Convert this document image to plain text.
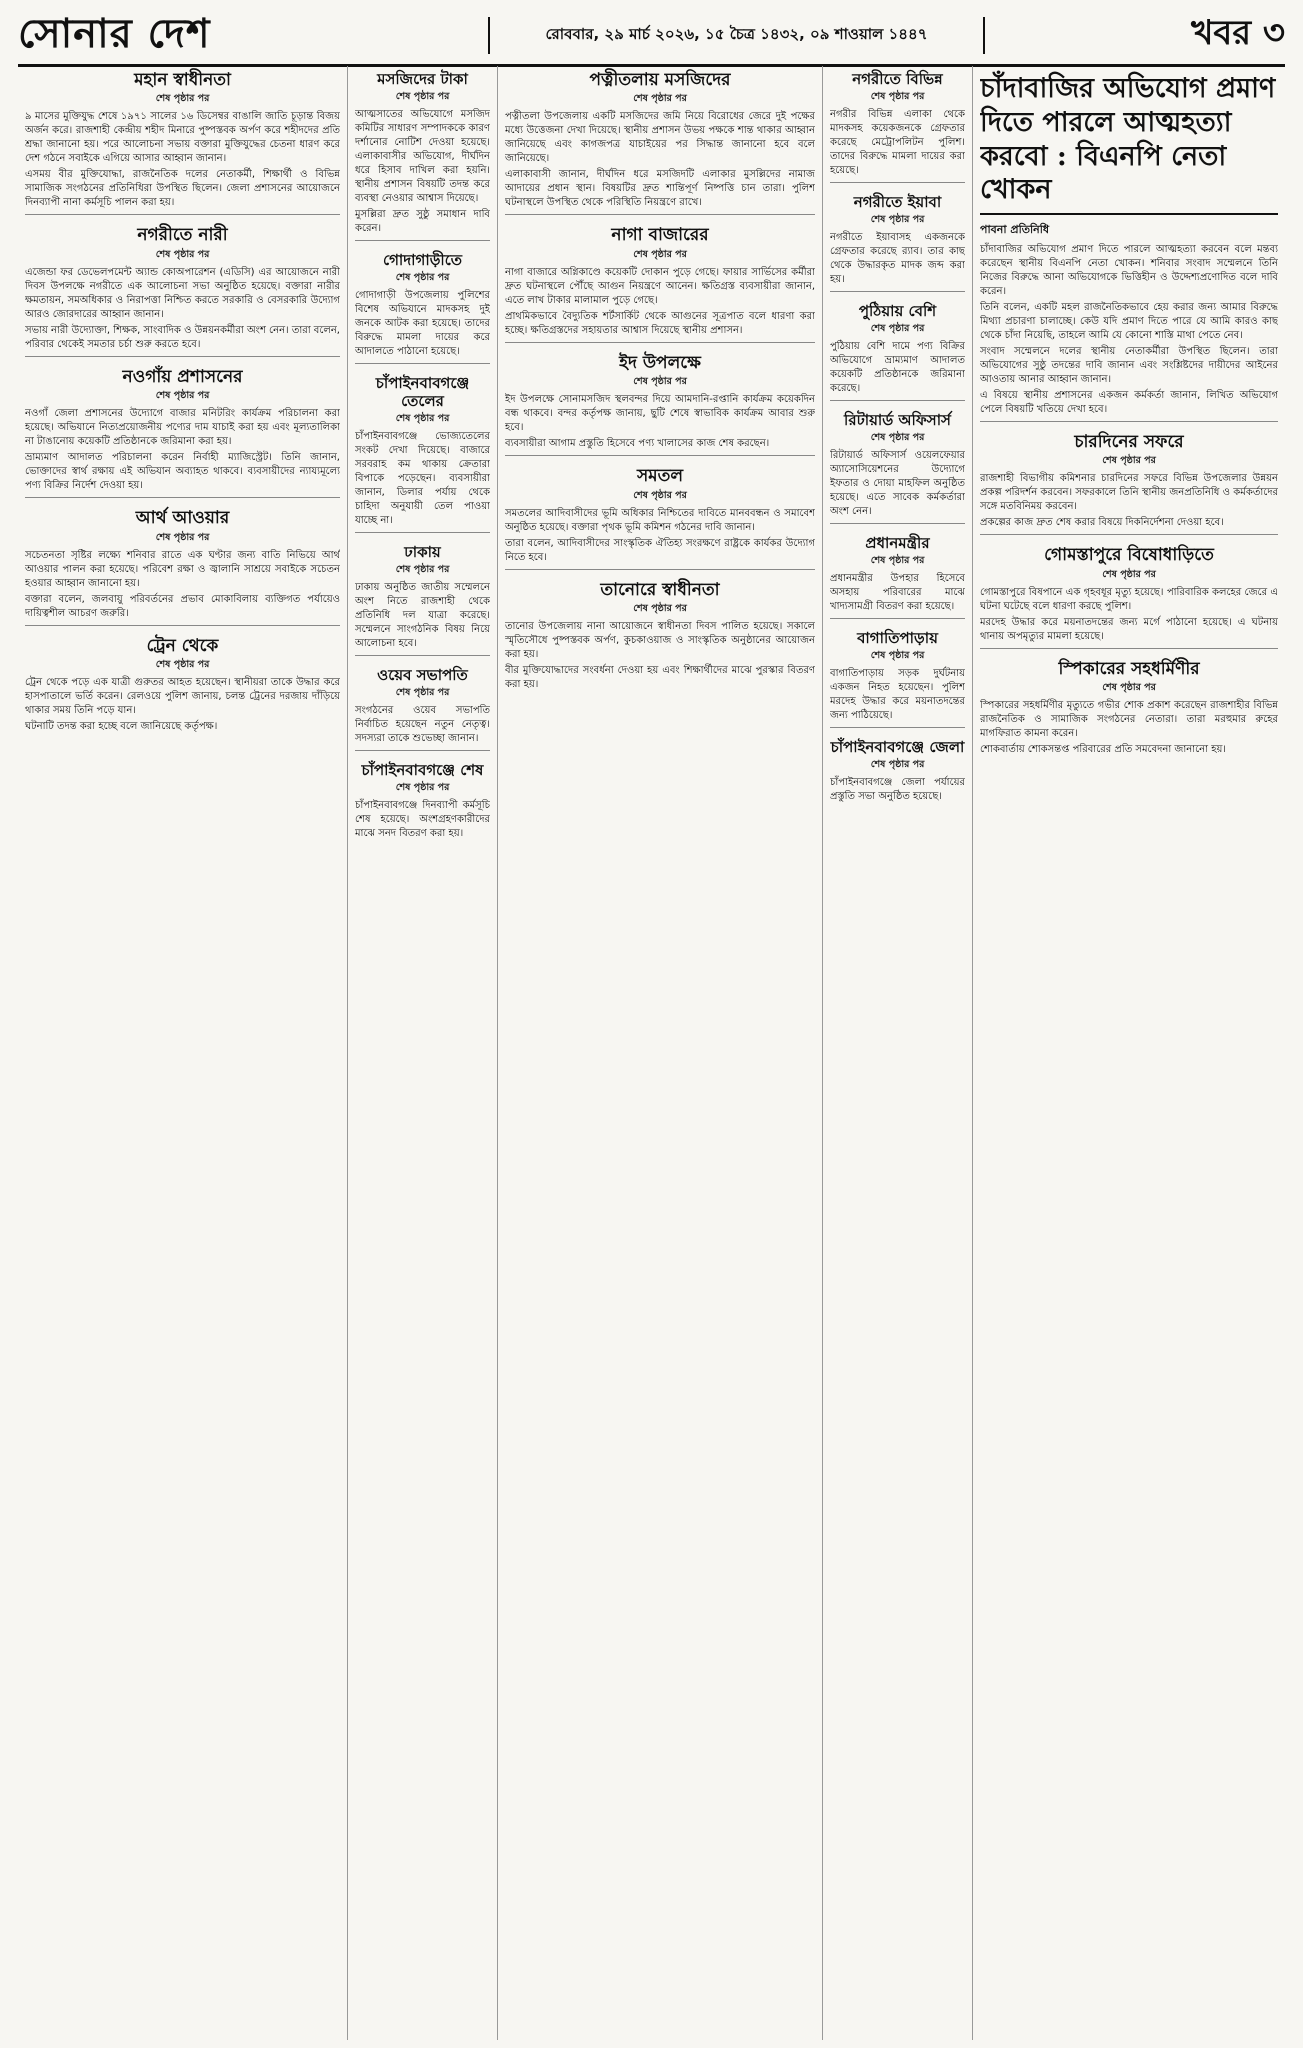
সোনার দেশ	রোববার, ২৯ মার্চ ২০২৬, ১৫ চৈত্র ১৪৩২, ০৯ শাওয়াল ১৪৪৭	খবর ৩
মহান স্বাধীনতা
শেষ পৃষ্ঠার পর

৯ মাসের মুক্তিযুদ্ধ শেষে ১৯৭১ সালের ১৬ ডিসেম্বর বাঙালি জাতি চূড়ান্ত বিজয় অর্জন করে। রাজশাহী কেন্দ্রীয় শহীদ মিনারে পুষ্পস্তবক অর্পণ করে শহীদদের প্রতি শ্রদ্ধা জানানো হয়। পরে আলোচনা সভায় বক্তারা মুক্তিযুদ্ধের চেতনা ধারণ করে দেশ গঠনে সবাইকে এগিয়ে আসার আহ্বান জানান।

এসময় বীর মুক্তিযোদ্ধা, রাজনৈতিক দলের নেতাকর্মী, শিক্ষার্থী ও বিভিন্ন সামাজিক সংগঠনের প্রতিনিধিরা উপস্থিত ছিলেন। জেলা প্রশাসনের আয়োজনে দিনব্যাপী নানা কর্মসূচি পালন করা হয়।

নগরীতে নারী
শেষ পৃষ্ঠার পর

এজেন্ডা ফর ডেভেলপমেন্ট অ্যান্ড কোঅপারেশন (এডিসি) এর আয়োজনে নারী দিবস উপলক্ষে নগরীতে এক আলোচনা সভা অনুষ্ঠিত হয়েছে। বক্তারা নারীর ক্ষমতায়ন, সমঅধিকার ও নিরাপত্তা নিশ্চিত করতে সরকারি ও বেসরকারি উদ্যোগ আরও জোরদারের আহ্বান জানান।

সভায় নারী উদ্যোক্তা, শিক্ষক, সাংবাদিক ও উন্নয়নকর্মীরা অংশ নেন। তারা বলেন, পরিবার থেকেই সমতার চর্চা শুরু করতে হবে।

নওগাঁয় প্রশাসনের
শেষ পৃষ্ঠার পর

নওগাঁ জেলা প্রশাসনের উদ্যোগে বাজার মনিটরিং কার্যক্রম পরিচালনা করা হয়েছে। অভিযানে নিত্যপ্রয়োজনীয় পণ্যের দাম যাচাই করা হয় এবং মূল্যতালিকা না টাঙানোয় কয়েকটি প্রতিষ্ঠানকে জরিমানা করা হয়।

ভ্রাম্যমাণ আদালত পরিচালনা করেন নির্বাহী ম্যাজিস্ট্রেট। তিনি জানান, ভোক্তাদের স্বার্থ রক্ষায় এই অভিযান অব্যাহত থাকবে। ব্যবসায়ীদের ন্যায্যমূল্যে পণ্য বিক্রির নির্দেশ দেওয়া হয়।

আর্থ আওয়ার
শেষ পৃষ্ঠার পর

সচেতনতা সৃষ্টির লক্ষ্যে শনিবার রাতে এক ঘণ্টার জন্য বাতি নিভিয়ে আর্থ আওয়ার পালন করা হয়েছে। পরিবেশ রক্ষা ও জ্বালানি সাশ্রয়ে সবাইকে সচেতন হওয়ার আহ্বান জানানো হয়।

বক্তারা বলেন, জলবায়ু পরিবর্তনের প্রভাব মোকাবিলায় ব্যক্তিগত পর্যায়েও দায়িত্বশীল আচরণ জরুরি।

ট্রেন থেকে
শেষ পৃষ্ঠার পর

ট্রেন থেকে পড়ে এক যাত্রী গুরুতর আহত হয়েছেন। স্থানীয়রা তাকে উদ্ধার করে হাসপাতালে ভর্তি করেন। রেলওয়ে পুলিশ জানায়, চলন্ত ট্রেনের দরজায় দাঁড়িয়ে থাকার সময় তিনি পড়ে যান।

ঘটনাটি তদন্ত করা হচ্ছে বলে জানিয়েছে কর্তৃপক্ষ।

মসজিদের টাকা
শেষ পৃষ্ঠার পর

আত্মসাতের অভিযোগে মসজিদ কমিটির সাধারণ সম্পাদককে কারণ দর্শানোর নোটিশ দেওয়া হয়েছে। এলাকাবাসীর অভিযোগ, দীর্ঘদিন ধরে হিসাব দাখিল করা হয়নি। স্থানীয় প্রশাসন বিষয়টি তদন্ত করে ব্যবস্থা নেওয়ার আশ্বাস দিয়েছে।

মুসল্লিরা দ্রুত সুষ্ঠু সমাধান দাবি করেন।

গোদাগাড়ীতে
শেষ পৃষ্ঠার পর

গোদাগাড়ী উপজেলায় পুলিশের বিশেষ অভিযানে মাদকসহ দুই জনকে আটক করা হয়েছে। তাদের বিরুদ্ধে মামলা দায়ের করে আদালতে পাঠানো হয়েছে।

চাঁপাইনবাবগঞ্জে তেলের
শেষ পৃষ্ঠার পর

চাঁপাইনবাবগঞ্জে ভোজ্যতেলের সংকট দেখা দিয়েছে। বাজারে সরবরাহ কম থাকায় ক্রেতারা বিপাকে পড়েছেন। ব্যবসায়ীরা জানান, ডিলার পর্যায় থেকে চাহিদা অনুযায়ী তেল পাওয়া যাচ্ছে না।

ঢাকায়
শেষ পৃষ্ঠার পর

ঢাকায় অনুষ্ঠিত জাতীয় সম্মেলনে অংশ নিতে রাজশাহী থেকে প্রতিনিধি দল যাত্রা করেছে। সম্মেলনে সাংগঠনিক বিষয় নিয়ে আলোচনা হবে।

ওয়েব সভাপতি
শেষ পৃষ্ঠার পর

সংগঠনের ওয়েব সভাপতি নির্বাচিত হয়েছেন নতুন নেতৃত্ব। সদস্যরা তাকে শুভেচ্ছা জানান।

চাঁপাইনবাবগঞ্জে শেষ
শেষ পৃষ্ঠার পর

চাঁপাইনবাবগঞ্জে দিনব্যাপী কর্মসূচি শেষ হয়েছে। অংশগ্রহণকারীদের মাঝে সনদ বিতরণ করা হয়।

পত্নীতলায় মসজিদের
শেষ পৃষ্ঠার পর

পত্নীতলা উপজেলায় একটি মসজিদের জমি নিয়ে বিরোধের জেরে দুই পক্ষের মধ্যে উত্তেজনা দেখা দিয়েছে। স্থানীয় প্রশাসন উভয় পক্ষকে শান্ত থাকার আহ্বান জানিয়েছে এবং কাগজপত্র যাচাইয়ের পর সিদ্ধান্ত জানানো হবে বলে জানিয়েছে।

এলাকাবাসী জানান, দীর্ঘদিন ধরে মসজিদটি এলাকার মুসল্লিদের নামাজ আদায়ের প্রধান স্থান। বিষয়টির দ্রুত শান্তিপূর্ণ নিষ্পত্তি চান তারা। পুলিশ ঘটনাস্থলে উপস্থিত থেকে পরিস্থিতি নিয়ন্ত্রণে রাখে।

নাগা বাজারের
শেষ পৃষ্ঠার পর

নাগা বাজারে অগ্নিকাণ্ডে কয়েকটি দোকান পুড়ে গেছে। ফায়ার সার্ভিসের কর্মীরা দ্রুত ঘটনাস্থলে পৌঁছে আগুন নিয়ন্ত্রণে আনেন। ক্ষতিগ্রস্ত ব্যবসায়ীরা জানান, এতে লাখ টাকার মালামাল পুড়ে গেছে।

প্রাথমিকভাবে বৈদ্যুতিক শর্টসার্কিট থেকে আগুনের সূত্রপাত বলে ধারণা করা হচ্ছে। ক্ষতিগ্রস্তদের সহায়তার আশ্বাস দিয়েছে স্থানীয় প্রশাসন।

ইদ উপলক্ষে
শেষ পৃষ্ঠার পর

ইদ উপলক্ষে সোনামসজিদ স্থলবন্দর দিয়ে আমদানি-রপ্তানি কার্যক্রম কয়েকদিন বন্ধ থাকবে। বন্দর কর্তৃপক্ষ জানায়, ছুটি শেষে স্বাভাবিক কার্যক্রম আবার শুরু হবে।

ব্যবসায়ীরা আগাম প্রস্তুতি হিসেবে পণ্য খালাসের কাজ শেষ করছেন।

সমতল
শেষ পৃষ্ঠার পর

সমতলের আদিবাসীদের ভূমি অধিকার নিশ্চিতের দাবিতে মানববন্ধন ও সমাবেশ অনুষ্ঠিত হয়েছে। বক্তারা পৃথক ভূমি কমিশন গঠনের দাবি জানান।

তারা বলেন, আদিবাসীদের সাংস্কৃতিক ঐতিহ্য সংরক্ষণে রাষ্ট্রকে কার্যকর উদ্যোগ নিতে হবে।

তানোরে স্বাধীনতা
শেষ পৃষ্ঠার পর

তানোর উপজেলায় নানা আয়োজনে স্বাধীনতা দিবস পালিত হয়েছে। সকালে স্মৃতিসৌধে পুষ্পস্তবক অর্পণ, কুচকাওয়াজ ও সাংস্কৃতিক অনুষ্ঠানের আয়োজন করা হয়।

বীর মুক্তিযোদ্ধাদের সংবর্ধনা দেওয়া হয় এবং শিক্ষার্থীদের মাঝে পুরস্কার বিতরণ করা হয়।

নগরীতে বিভিন্ন
শেষ পৃষ্ঠার পর

নগরীর বিভিন্ন এলাকা থেকে মাদকসহ কয়েকজনকে গ্রেফতার করেছে মেট্রোপলিটন পুলিশ। তাদের বিরুদ্ধে মামলা দায়ের করা হয়েছে।

নগরীতে ইয়াবা
শেষ পৃষ্ঠার পর

নগরীতে ইয়াবাসহ একজনকে গ্রেফতার করেছে র‌্যাব। তার কাছ থেকে উদ্ধারকৃত মাদক জব্দ করা হয়।

পুঠিয়ায় বেশি
শেষ পৃষ্ঠার পর

পুঠিয়ায় বেশি দামে পণ্য বিক্রির অভিযোগে ভ্রাম্যমাণ আদালত কয়েকটি প্রতিষ্ঠানকে জরিমানা করেছে।

রিটায়ার্ড অফিসার্স
শেষ পৃষ্ঠার পর

রিটায়ার্ড অফিসার্স ওয়েলফেয়ার অ্যাসোসিয়েশনের উদ্যোগে ইফতার ও দোয়া মাহফিল অনুষ্ঠিত হয়েছে। এতে সাবেক কর্মকর্তারা অংশ নেন।

প্রধানমন্ত্রীর
শেষ পৃষ্ঠার পর

প্রধানমন্ত্রীর উপহার হিসেবে অসহায় পরিবারের মাঝে খাদ্যসামগ্রী বিতরণ করা হয়েছে।

বাগাতিপাড়ায়
শেষ পৃষ্ঠার পর

বাগাতিপাড়ায় সড়ক দুর্ঘটনায় একজন নিহত হয়েছেন। পুলিশ মরদেহ উদ্ধার করে ময়নাতদন্তের জন্য পাঠিয়েছে।

চাঁপাইনবাবগঞ্জে জেলা
শেষ পৃষ্ঠার পর

চাঁপাইনবাবগঞ্জে জেলা পর্যায়ের প্রস্তুতি সভা অনুষ্ঠিত হয়েছে।

চাঁদাবাজির অভিযোগ প্রমাণ দিতে পারলে আত্মহত্যা করবো : বিএনপি নেতা খোকন
পাবনা প্রতিনিধি

চাঁদাবাজির অভিযোগ প্রমাণ দিতে পারলে আত্মহত্যা করবেন বলে মন্তব্য করেছেন স্থানীয় বিএনপি নেতা খোকন। শনিবার সংবাদ সম্মেলনে তিনি নিজের বিরুদ্ধে আনা অভিযোগকে ভিত্তিহীন ও উদ্দেশ্যপ্রণোদিত বলে দাবি করেন।

তিনি বলেন, একটি মহল রাজনৈতিকভাবে হেয় করার জন্য আমার বিরুদ্ধে মিথ্যা প্রচারণা চালাচ্ছে। কেউ যদি প্রমাণ দিতে পারে যে আমি কারও কাছ থেকে চাঁদা নিয়েছি, তাহলে আমি যে কোনো শাস্তি মাথা পেতে নেব।

সংবাদ সম্মেলনে দলের স্থানীয় নেতাকর্মীরা উপস্থিত ছিলেন। তারা অভিযোগের সুষ্ঠু তদন্তের দাবি জানান এবং সংশ্লিষ্টদের দায়ীদের আইনের আওতায় আনার আহ্বান জানান।

এ বিষয়ে স্থানীয় প্রশাসনের একজন কর্মকর্তা জানান, লিখিত অভিযোগ পেলে বিষয়টি খতিয়ে দেখা হবে।

চারদিনের সফরে
শেষ পৃষ্ঠার পর

রাজশাহী বিভাগীয় কমিশনার চারদিনের সফরে বিভিন্ন উপজেলার উন্নয়ন প্রকল্প পরিদর্শন করবেন। সফরকালে তিনি স্থানীয় জনপ্রতিনিধি ও কর্মকর্তাদের সঙ্গে মতবিনিময় করবেন।

প্রকল্পের কাজ দ্রুত শেষ করার বিষয়ে দিকনির্দেশনা দেওয়া হবে।

গোমস্তাপুরে বিষোধাড়িতে
শেষ পৃষ্ঠার পর

গোমস্তাপুরে বিষপানে এক গৃহবধূর মৃত্যু হয়েছে। পারিবারিক কলহের জেরে এ ঘটনা ঘটেছে বলে ধারণা করছে পুলিশ।

মরদেহ উদ্ধার করে ময়নাতদন্তের জন্য মর্গে পাঠানো হয়েছে। এ ঘটনায় থানায় অপমৃত্যুর মামলা হয়েছে।

স্পিকারের সহধর্মিণীর
শেষ পৃষ্ঠার পর

স্পিকারের সহধর্মিণীর মৃত্যুতে গভীর শোক প্রকাশ করেছেন রাজশাহীর বিভিন্ন রাজনৈতিক ও সামাজিক সংগঠনের নেতারা। তারা মরহুমার রুহের মাগফিরাত কামনা করেন।

শোকবার্তায় শোকসন্তপ্ত পরিবারের প্রতি সমবেদনা জানানো হয়।
